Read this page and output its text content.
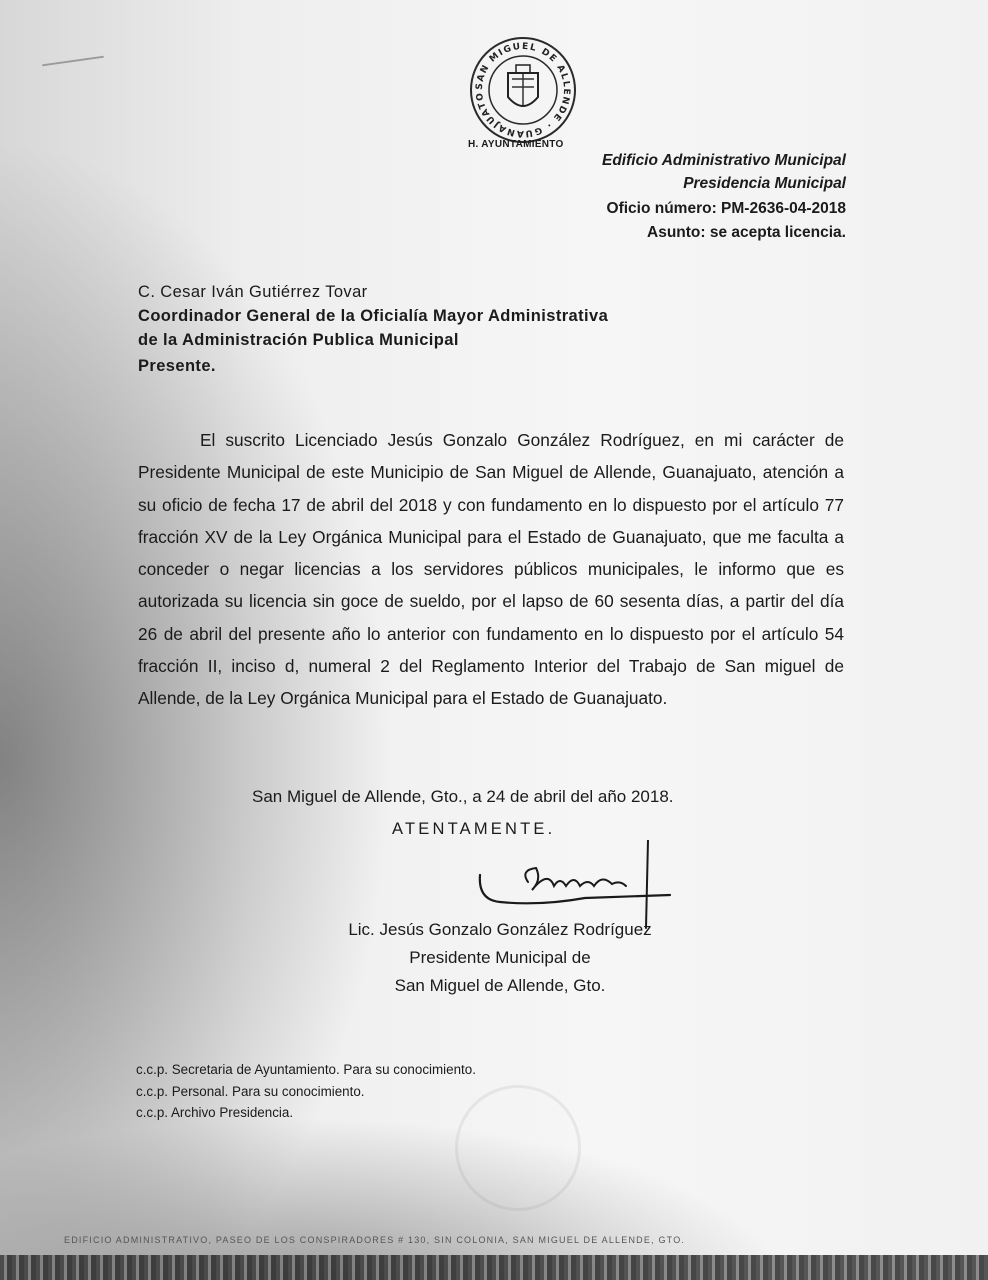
SAN MIGUEL DE ALLENDE · GUANAJUATO
H. AYUNTAMIENTO
Edificio Administrativo Municipal
Presidencia Municipal
Oficio número: PM-2636-04-2018
Asunto: se acepta licencia.
C. Cesar Iván Gutiérrez Tovar
Coordinador General de la Oficialía Mayor Administrativa
de la Administración Publica Municipal
Presente.
El suscrito Licenciado Jesús Gonzalo González Rodríguez, en mi carácter de Presidente Municipal de este Municipio de San Miguel de Allende, Guanajuato, atención a su oficio de fecha 17 de abril del 2018 y con fundamento en lo dispuesto por el artículo 77 fracción XV de la Ley Orgánica Municipal para el Estado de Guanajuato, que me faculta a conceder o negar licencias a los servidores públicos municipales, le informo que es autorizada su licencia sin goce de sueldo, por el lapso de 60 sesenta días, a partir del día 26 de abril del presente año lo anterior con fundamento en lo dispuesto por el artículo 54 fracción II, inciso d, numeral 2 del Reglamento Interior del Trabajo de San miguel de Allende, de la Ley Orgánica Municipal para el Estado de Guanajuato.
San Miguel de Allende, Gto., a 24 de abril del año 2018.
ATENTAMENTE.
Lic. Jesús Gonzalo González Rodríguez
Presidente Municipal de
San Miguel de Allende, Gto.
c.c.p. Secretaria de Ayuntamiento. Para su conocimiento.
c.c.p. Personal. Para su conocimiento.
c.c.p. Archivo Presidencia.
EDIFICIO ADMINISTRATIVO, PASEO DE LOS CONSPIRADORES # 130, SIN COLONIA, SAN MIGUEL DE ALLENDE, GTO.
